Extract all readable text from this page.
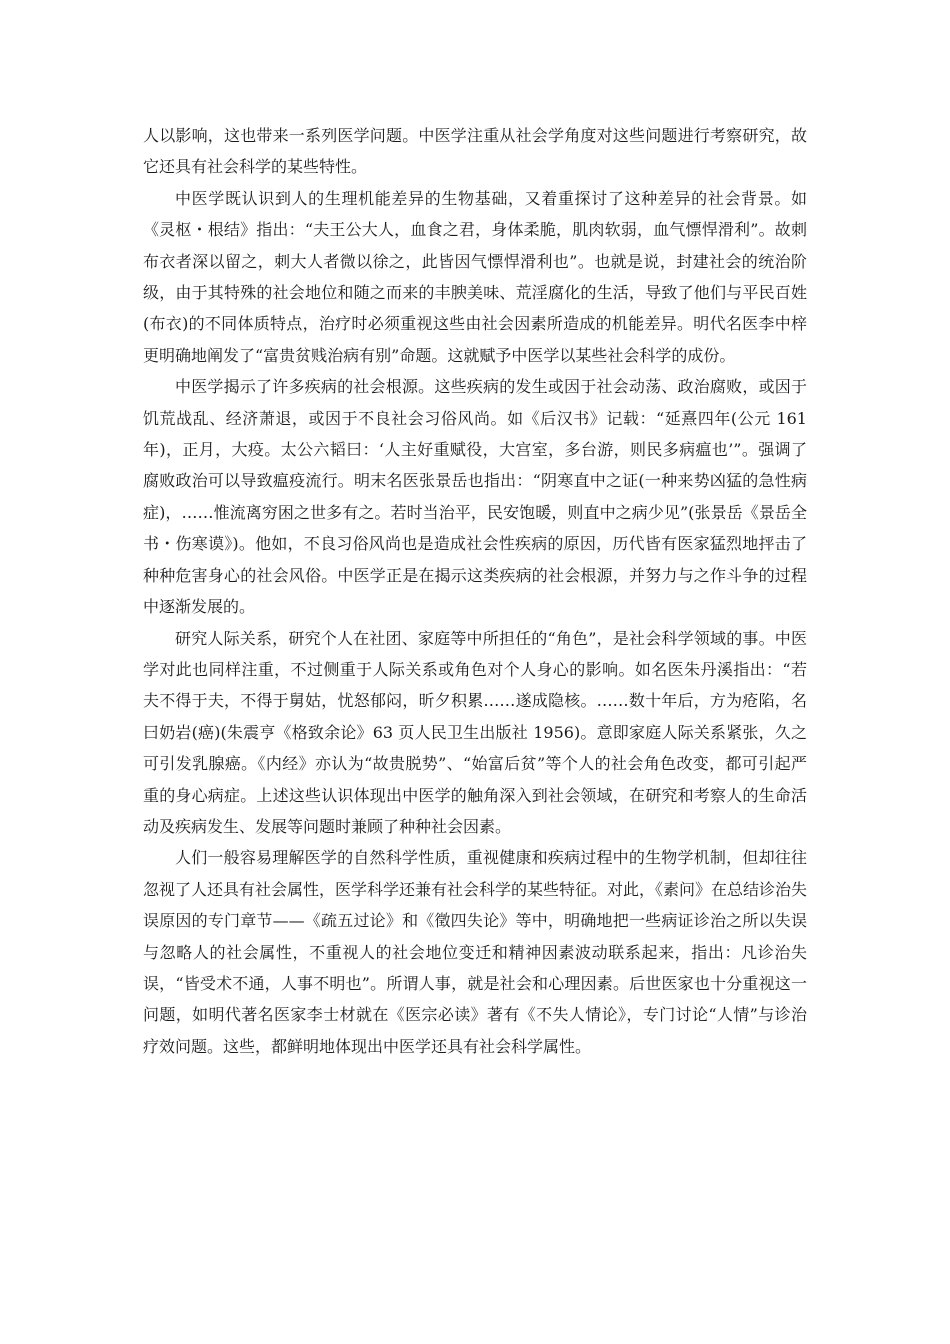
人以影响，这也带来一系列医学问题。中医学注重从社会学角度对这些问题进行考察研究，故它还具有社会科学的某些特性。

中医学既认识到人的生理机能差异的生物基础，又着重探讨了这种差异的社会背景。如《灵枢・根结》指出：“夫王公大人，血食之君，身体柔脆，肌肉软弱，血气慓悍滑利”。故刺布衣者深以留之，刺大人者微以徐之，此皆因气慓悍滑利也”。也就是说，封建社会的统治阶级，由于其特殊的社会地位和随之而来的丰腴美味、荒淫腐化的生活，导致了他们与平民百姓(布衣)的不同体质特点，治疗时必须重视这些由社会因素所造成的机能差异。明代名医李中梓更明确地阐发了“富贵贫贱治病有别”命题。这就赋予中医学以某些社会科学的成份。

中医学揭示了许多疾病的社会根源。这些疾病的发生或因于社会动荡、政治腐败，或因于饥荒战乱、经济萧退，或因于不良社会习俗风尚。如《后汉书》记载：“延熹四年(公元 161 年)，正月，大疫。太公六韬曰：‘人主好重赋役，大宫室，多台游，则民多病瘟也’”。强调了腐败政治可以导致瘟疫流行。明末名医张景岳也指出：“阴寒直中之证(一种来势凶猛的急性病症)，……惟流离穷困之世多有之。若时当治平，民安饱暖，则直中之病少见”(张景岳《景岳全书・伤寒谟》)。他如，不良习俗风尚也是造成社会性疾病的原因，历代皆有医家猛烈地抨击了种种危害身心的社会风俗。中医学正是在揭示这类疾病的社会根源，并努力与之作斗争的过程中逐渐发展的。

研究人际关系，研究个人在社团、家庭等中所担任的“角色”，是社会科学领域的事。中医学对此也同样注重，不过侧重于人际关系或角色对个人身心的影响。如名医朱丹溪指出：“若夫不得于夫，不得于舅姑，忧怒郁闷，昕夕积累……遂成隐核。……数十年后，方为疮陷，名曰奶岩(癌)(朱震亨《格致余论》63 页人民卫生出版社 1956)。意即家庭人际关系紧张，久之可引发乳腺癌。《内经》亦认为“故贵脱势”、“始富后贫”等个人的社会角色改变，都可引起严重的身心病症。上述这些认识体现出中医学的触角深入到社会领域，在研究和考察人的生命活动及疾病发生、发展等问题时兼顾了种种社会因素。

人们一般容易理解医学的自然科学性质，重视健康和疾病过程中的生物学机制，但却往往忽视了人还具有社会属性，医学科学还兼有社会科学的某些特征。对此，《素问》在总结诊治失误原因的专门章节——《疏五过论》和《徵四失论》等中，明确地把一些病证诊治之所以失误与忽略人的社会属性，不重视人的社会地位变迁和精神因素波动联系起来，指出：凡诊治失误，“皆受术不通，人事不明也”。所谓人事，就是社会和心理因素。后世医家也十分重视这一问题，如明代著名医家李士材就在《医宗必读》著有《不失人情论》，专门讨论“人情”与诊治疗效问题。这些，都鲜明地体现出中医学还具有社会科学属性。
